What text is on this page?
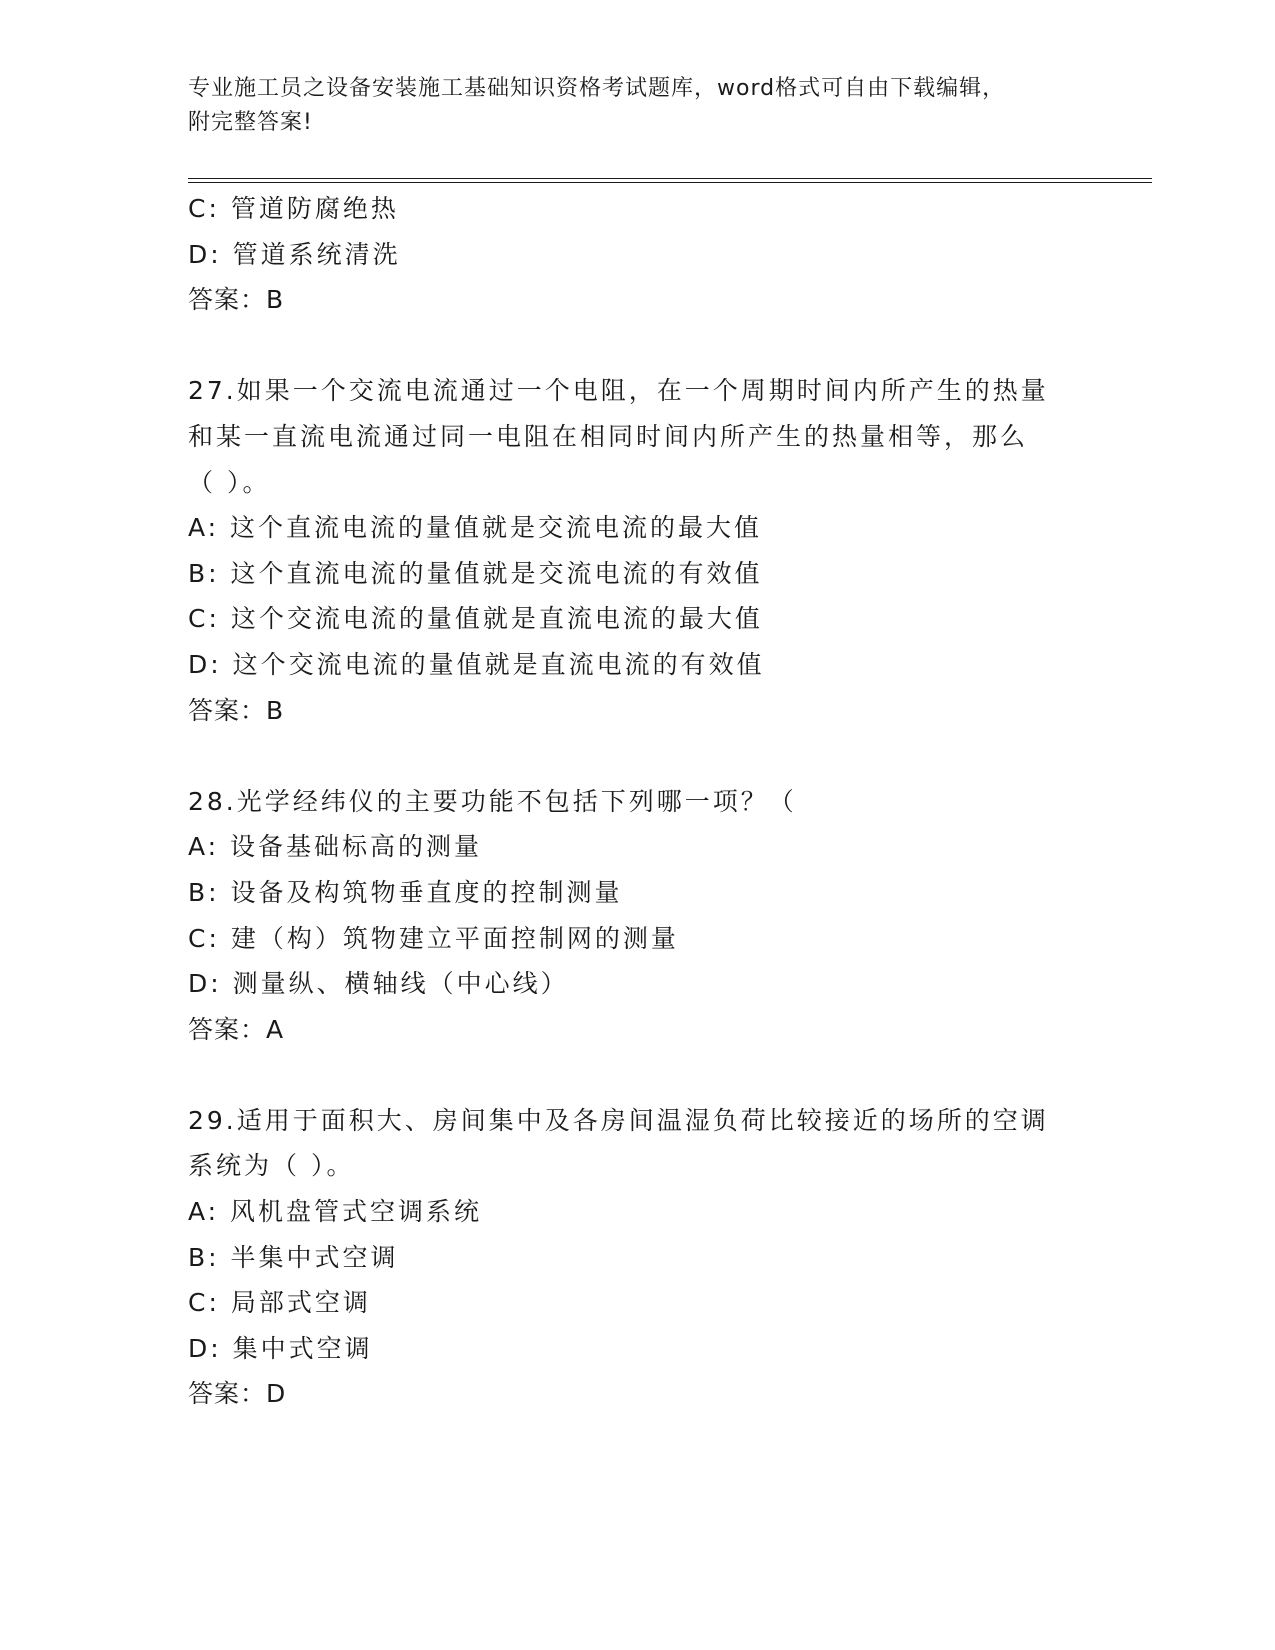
专业施工员之设备安装施工基础知识资格考试题库，word格式可自由下载编辑，
附完整答案!
C: 管道防腐绝热
D: 管道系统清洗
答案：B
27.如果一个交流电流通过一个电阻，在一个周期时间内所产生的热量
和某一直流电流通过同一电阻在相同时间内所产生的热量相等，那么
（ ）。
A: 这个直流电流的量值就是交流电流的最大值
B: 这个直流电流的量值就是交流电流的有效值
C: 这个交流电流的量值就是直流电流的最大值
D: 这个交流电流的量值就是直流电流的有效值
答案：B
28.光学经纬仪的主要功能不包括下列哪一项？（
A: 设备基础标高的测量
B: 设备及构筑物垂直度的控制测量
C: 建（构）筑物建立平面控制网的测量
D: 测量纵、横轴线（中心线）
答案：A
29.适用于面积大、房间集中及各房间温湿负荷比较接近的场所的空调
系统为（ ）。
A: 风机盘管式空调系统
B: 半集中式空调
C: 局部式空调
D: 集中式空调
答案：D
